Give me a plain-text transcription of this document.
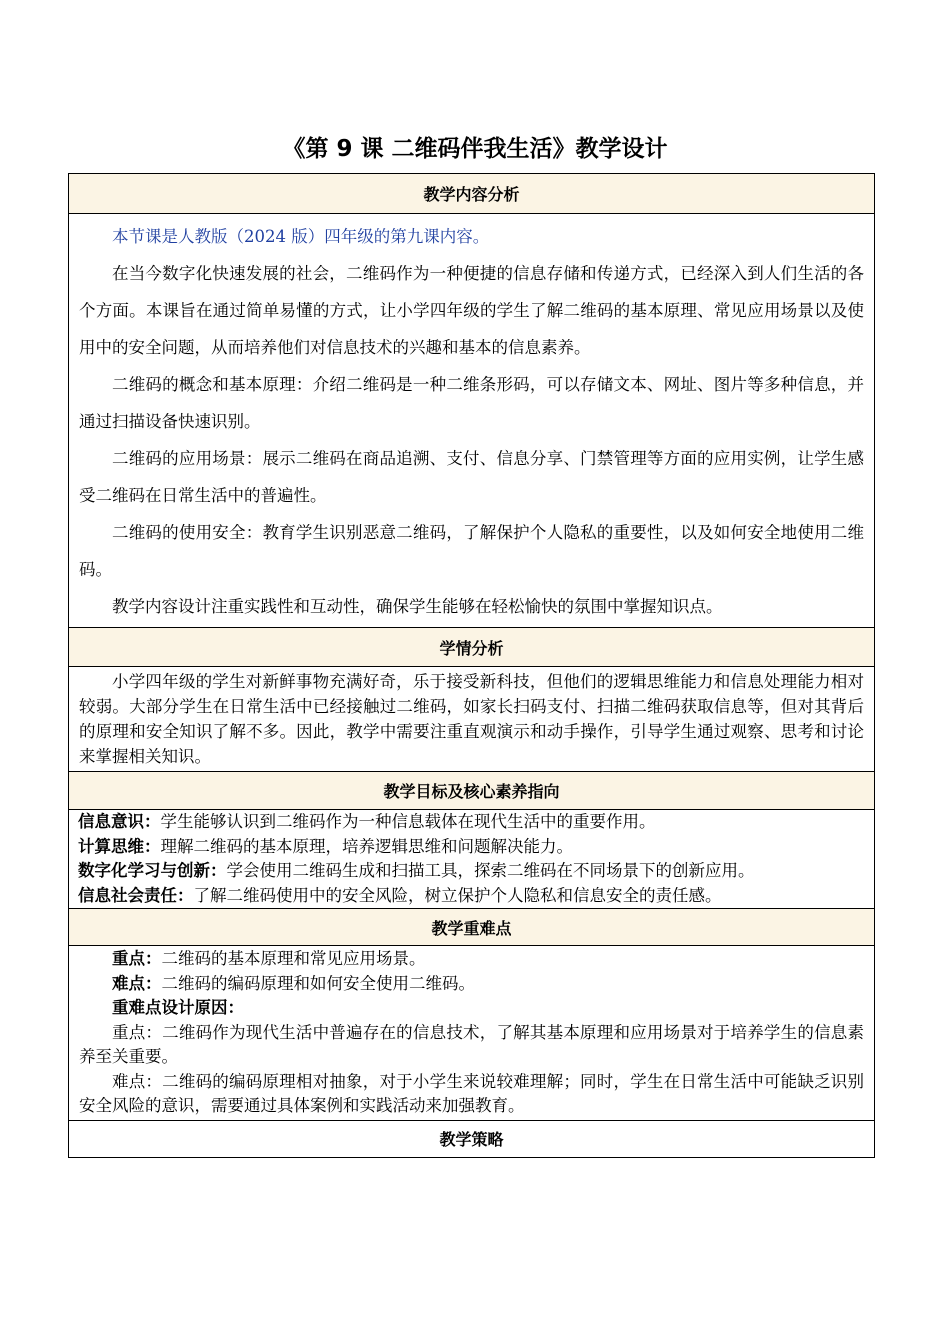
《第 9 课 二维码伴我生活》教学设计
教学内容分析

本节课是人教版（2024 版）四年级的第九课内容。

在当今数字化快速发展的社会，二维码作为一种便捷的信息存储和传递方式，已经深入到人们生活的各个方面。本课旨在通过简单易懂的方式，让小学四年级的学生了解二维码的基本原理、常见应用场景以及使用中的安全问题，从而培养他们对信息技术的兴趣和基本的信息素养。

二维码的概念和基本原理：介绍二维码是一种二维条形码，可以存储文本、网址、图片等多种信息，并通过扫描设备快速识别。

二维码的应用场景：展示二维码在商品追溯、支付、信息分享、门禁管理等方面的应用实例，让学生感受二维码在日常生活中的普遍性。

二维码的使用安全：教育学生识别恶意二维码，了解保护个人隐私的重要性，以及如何安全地使用二维码。

教学内容设计注重实践性和互动性，确保学生能够在轻松愉快的氛围中掌握知识点。

学情分析

小学四年级的学生对新鲜事物充满好奇，乐于接受新科技，但他们的逻辑思维能力和信息处理能力相对较弱。大部分学生在日常生活中已经接触过二维码，如家长扫码支付、扫描二维码获取信息等，但对其背后的原理和安全知识了解不多。因此，教学中需要注重直观演示和动手操作，引导学生通过观察、思考和讨论来掌握相关知识。

教学目标及核心素养指向

信息意识：学生能够认识到二维码作为一种信息载体在现代生活中的重要作用。

计算思维：理解二维码的基本原理，培养逻辑思维和问题解决能力。

数字化学习与创新：学会使用二维码生成和扫描工具，探索二维码在不同场景下的创新应用。

信息社会责任：了解二维码使用中的安全风险，树立保护个人隐私和信息安全的责任感。

教学重难点

重点：二维码的基本原理和常见应用场景。

难点：二维码的编码原理和如何安全使用二维码。

重难点设计原因：

重点：二维码作为现代生活中普遍存在的信息技术，了解其基本原理和应用场景对于培养学生的信息素养至关重要。

难点：二维码的编码原理相对抽象，对于小学生来说较难理解；同时，学生在日常生活中可能缺乏识别安全风险的意识，需要通过具体案例和实践活动来加强教育。

教学策略
